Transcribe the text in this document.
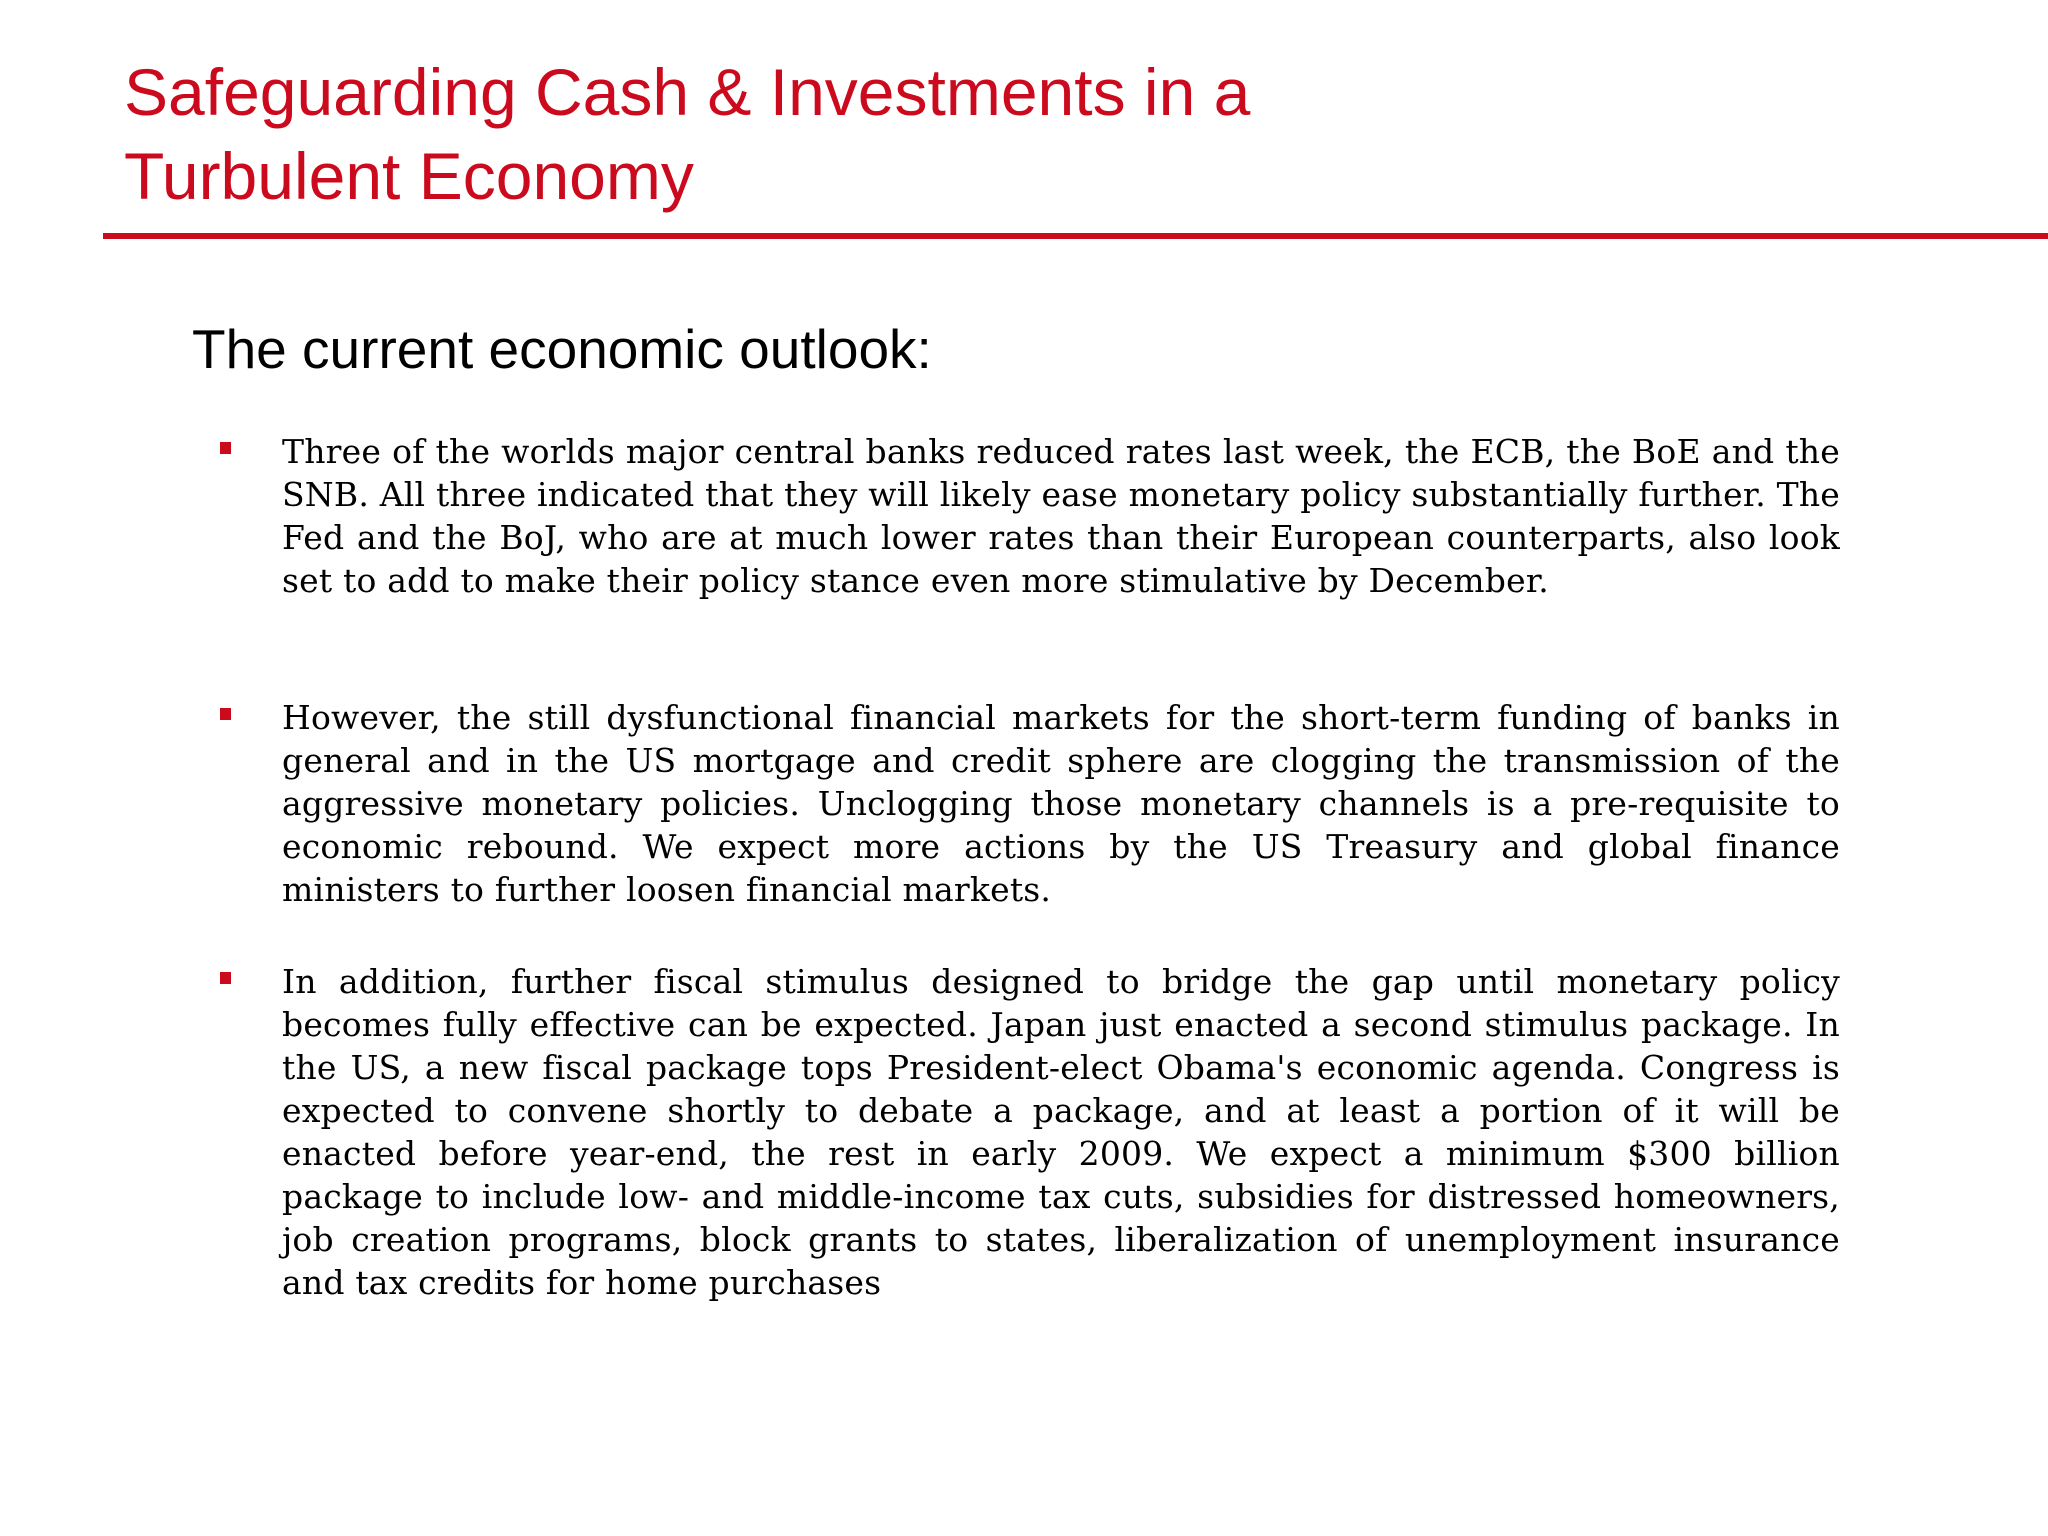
Safeguarding Cash & Investments in a
Turbulent Economy
The current economic outlook:

Three of the worlds major central banks reduced rates last week, the ECB, the BoE and the SNB. All three indicated that they will likely ease monetary policy substantially further. The Fed and the BoJ, who are at much lower rates than their European counterparts, also look set to add to make their policy stance even more stimulative by December.

However, the still dysfunctional financial markets for the short-term funding of banks in general and in the US mortgage and credit sphere are clogging the transmission of the aggressive monetary policies. Unclogging those monetary channels is a pre-requisite to economic rebound. We expect more actions by the US Treasury and global finance ministers to further loosen financial markets.

In addition, further fiscal stimulus designed to bridge the gap until monetary policy becomes fully effective can be expected. Japan just enacted a second stimulus package. In the US, a new fiscal package tops President-elect Obama's economic agenda. Congress is expected to convene shortly to debate a package, and at least a portion of it will be enacted before year-end, the rest in early 2009. We expect a minimum $300 billion package to include low- and middle-income tax cuts, subsidies for distressed homeowners, job creation programs, block grants to states, liberalization of unemployment insurance and tax credits for home purchases
